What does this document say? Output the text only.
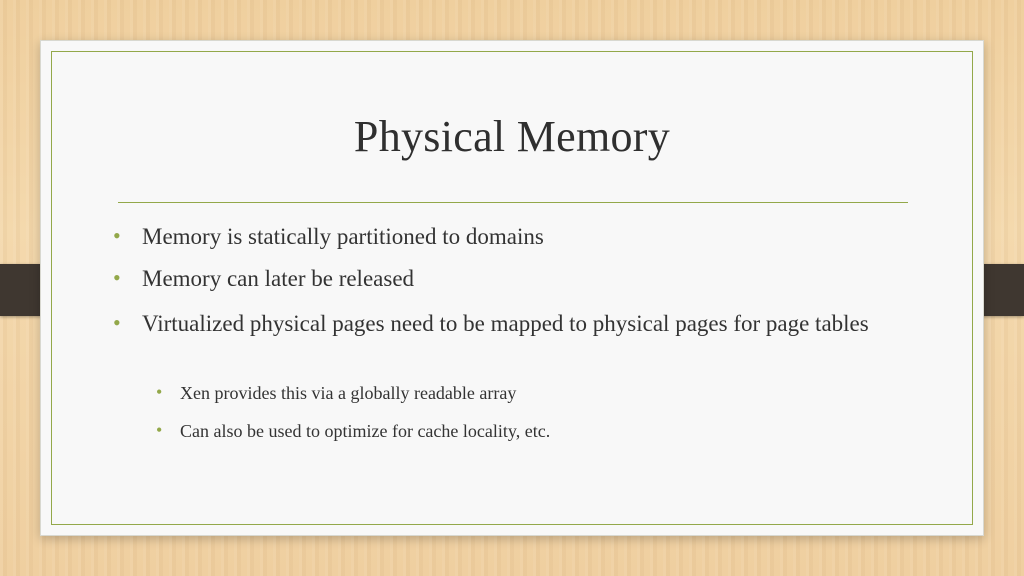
Physical Memory
• Memory is statically partitioned to domains
• Memory can later be released
• Virtualized physical pages need to be mapped to physical pages for page tables
• Xen provides this via a globally readable array
• Can also be used to optimize for cache locality, etc.
